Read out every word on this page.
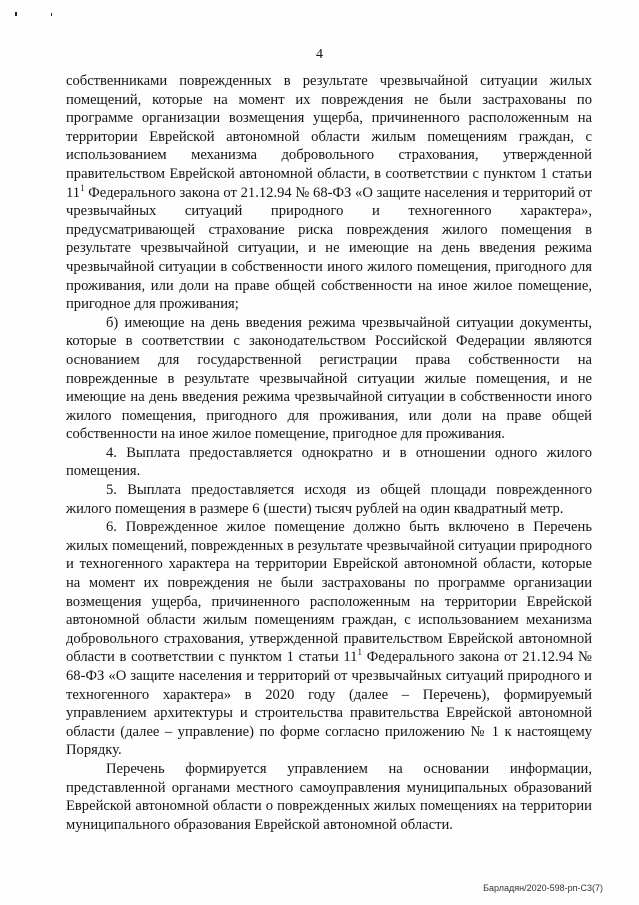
4

собственниками поврежденных в результате чрезвычайной ситуации жилых помещений, которые на момент их повреждения не были застрахованы по программе организации возмещения ущерба, причиненного расположенным на территории Еврейской автономной области жилым помещениям граждан, с использованием механизма добровольного страхования, утвержденной правительством Еврейской автономной области, в соответствии с пунктом 1 статьи $11^1$ Федерального закона от 21.12.94 № 68-ФЗ «О защите населения и территорий от чрезвычайных ситуаций природного и техногенного характера», предусматривающей страхование риска повреждения жилого помещения в результате чрезвычайной ситуации, и не имеющие на день введения режима чрезвычайной ситуации в собственности иного жилого помещения, пригодного для проживания, или доли на праве общей собственности на иное жилое помещение, пригодное для проживания;

б) имеющие на день введения режима чрезвычайной ситуации документы, которые в соответствии с законодательством Российской Федерации являются основанием для государственной регистрации права собственности на поврежденные в результате чрезвычайной ситуации жилые помещения, и не имеющие на день введения режима чрезвычайной ситуации в собственности иного жилого помещения, пригодного для проживания, или доли на праве общей собственности на иное жилое помещение, пригодное для проживания.

4. Выплата предоставляется однократно и в отношении одного жилого помещения.

5. Выплата предоставляется исходя из общей площади поврежденного жилого помещения в размере 6 (шести) тысяч рублей на один квадратный метр.

6. Поврежденное жилое помещение должно быть включено в Перечень жилых помещений, поврежденных в результате чрезвычайной ситуации природного и техногенного характера на территории Еврейской автономной области, которые на момент их повреждения не были застрахованы по программе организации возмещения ущерба, причиненного расположенным на территории Еврейской автономной области жилым помещениям граждан, с использованием механизма добровольного страхования, утвержденной правительством Еврейской автономной области в соответствии с пунктом 1 статьи $11^1$ Федерального закона от 21.12.94 № 68-ФЗ «О защите населения и территорий от чрезвычайных ситуаций природного и техногенного характера» в 2020 году (далее – Перечень), формируемый управлением архитектуры и строительства правительства Еврейской автономной области (далее – управление) по форме согласно приложению № 1 к настоящему Порядку.

Перечень формируется управлением на основании информации, представленной органами местного самоуправления муниципальных образований Еврейской автономной области о поврежденных жилых помещениях на территории муниципального образования Еврейской автономной области.

Барладян/2020-598-рп-С3(7)
